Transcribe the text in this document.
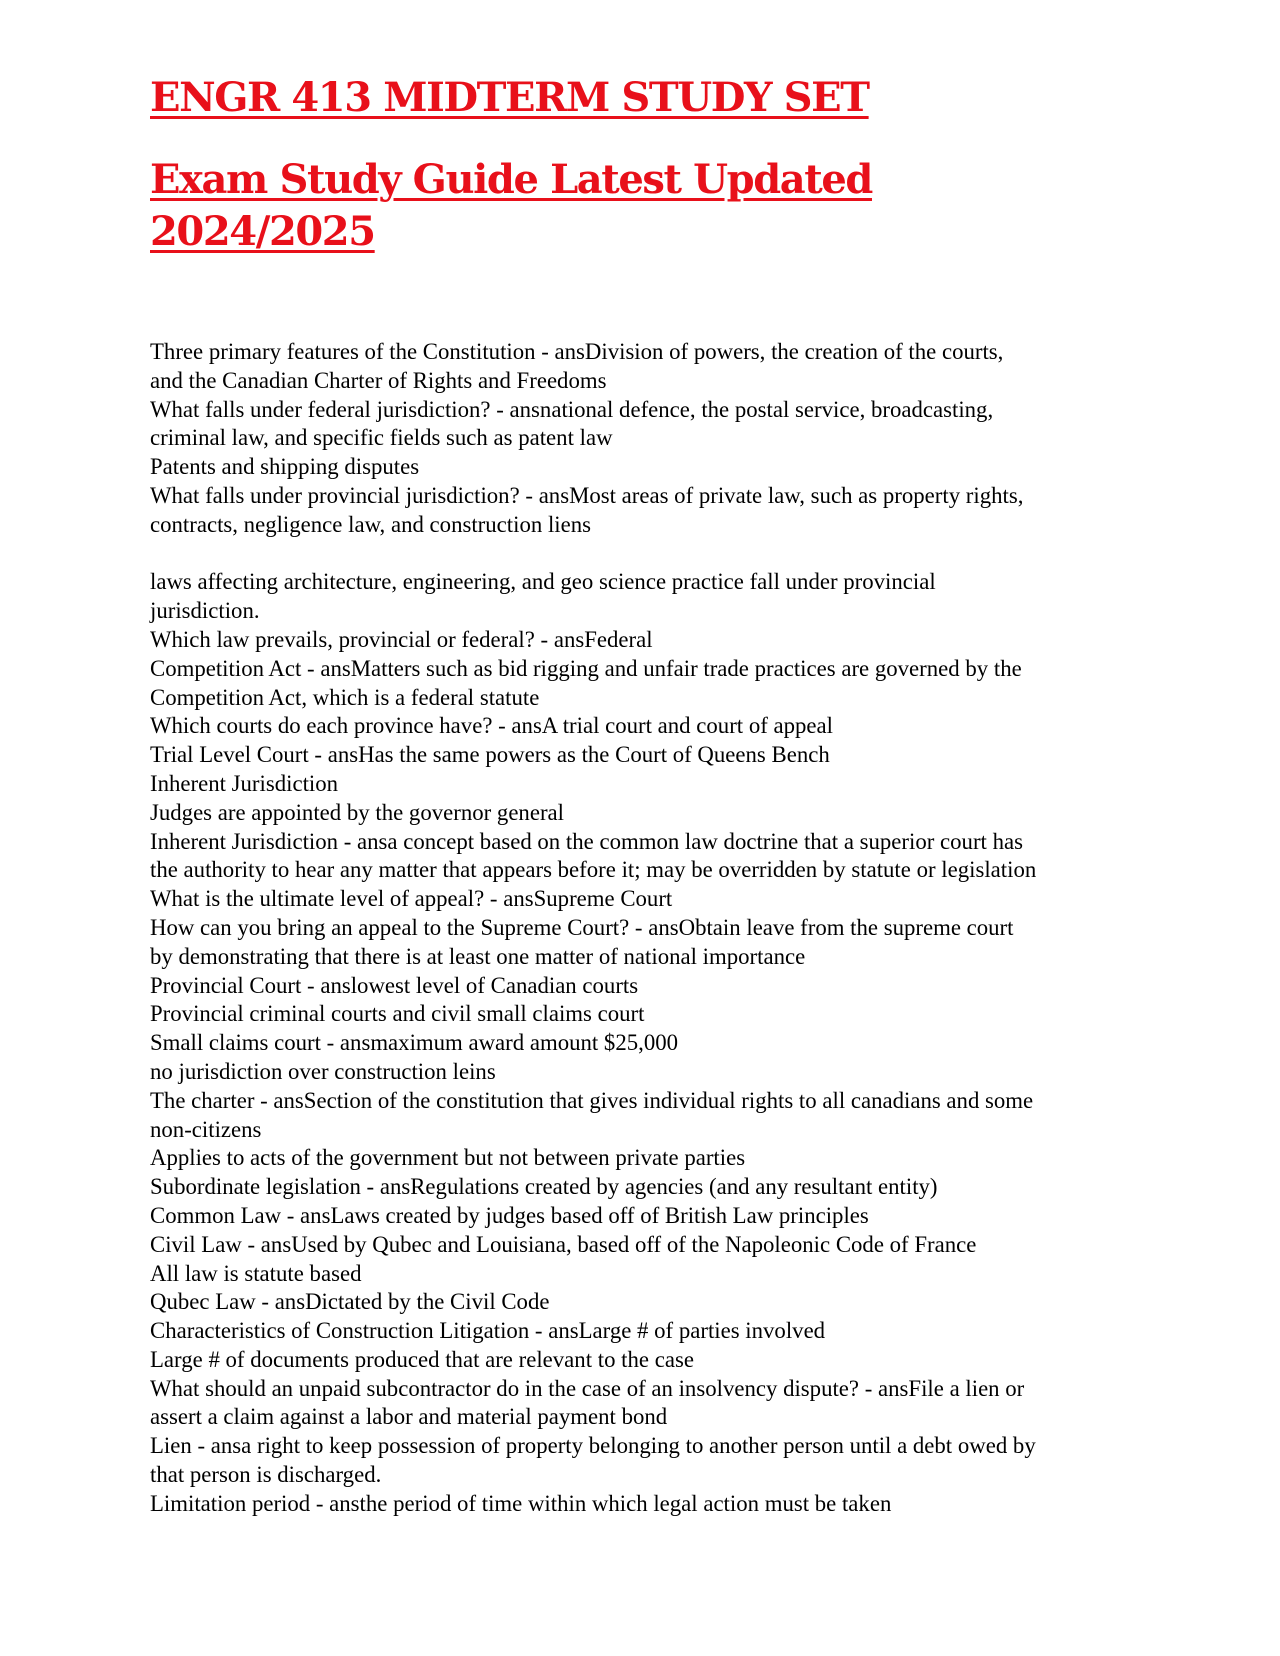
ENGR 413 MIDTERM STUDY SET
Exam Study Guide Latest Updated
2024/2025
Three primary features of the Constitution - ansDivision of powers, the creation of the courts,
and the Canadian Charter of Rights and Freedoms
What falls under federal jurisdiction? - ansnational defence, the postal service, broadcasting,
criminal law, and specific fields such as patent law
Patents and shipping disputes
What falls under provincial jurisdiction? - ansMost areas of private law, such as property rights,
contracts, negligence law, and construction liens
laws affecting architecture, engineering, and geo science practice fall under provincial
jurisdiction.
Which law prevails, provincial or federal? - ansFederal
Competition Act - ansMatters such as bid rigging and unfair trade practices are governed by the
Competition Act, which is a federal statute
Which courts do each province have? - ansA trial court and court of appeal
Trial Level Court - ansHas the same powers as the Court of Queens Bench
Inherent Jurisdiction
Judges are appointed by the governor general
Inherent Jurisdiction - ansa concept based on the common law doctrine that a superior court has
the authority to hear any matter that appears before it; may be overridden by statute or legislation
What is the ultimate level of appeal? - ansSupreme Court
How can you bring an appeal to the Supreme Court? - ansObtain leave from the supreme court
by demonstrating that there is at least one matter of national importance
Provincial Court - anslowest level of Canadian courts
Provincial criminal courts and civil small claims court
Small claims court - ansmaximum award amount $25,000
no jurisdiction over construction leins
The charter - ansSection of the constitution that gives individual rights to all canadians and some
non-citizens
Applies to acts of the government but not between private parties
Subordinate legislation - ansRegulations created by agencies (and any resultant entity)
Common Law - ansLaws created by judges based off of British Law principles
Civil Law - ansUsed by Qubec and Louisiana, based off of the Napoleonic Code of France
All law is statute based
Qubec Law - ansDictated by the Civil Code
Characteristics of Construction Litigation - ansLarge # of parties involved
Large # of documents produced that are relevant to the case
What should an unpaid subcontractor do in the case of an insolvency dispute? - ansFile a lien or
assert a claim against a labor and material payment bond
Lien - ansa right to keep possession of property belonging to another person until a debt owed by
that person is discharged.
Limitation period - ansthe period of time within which legal action must be taken
